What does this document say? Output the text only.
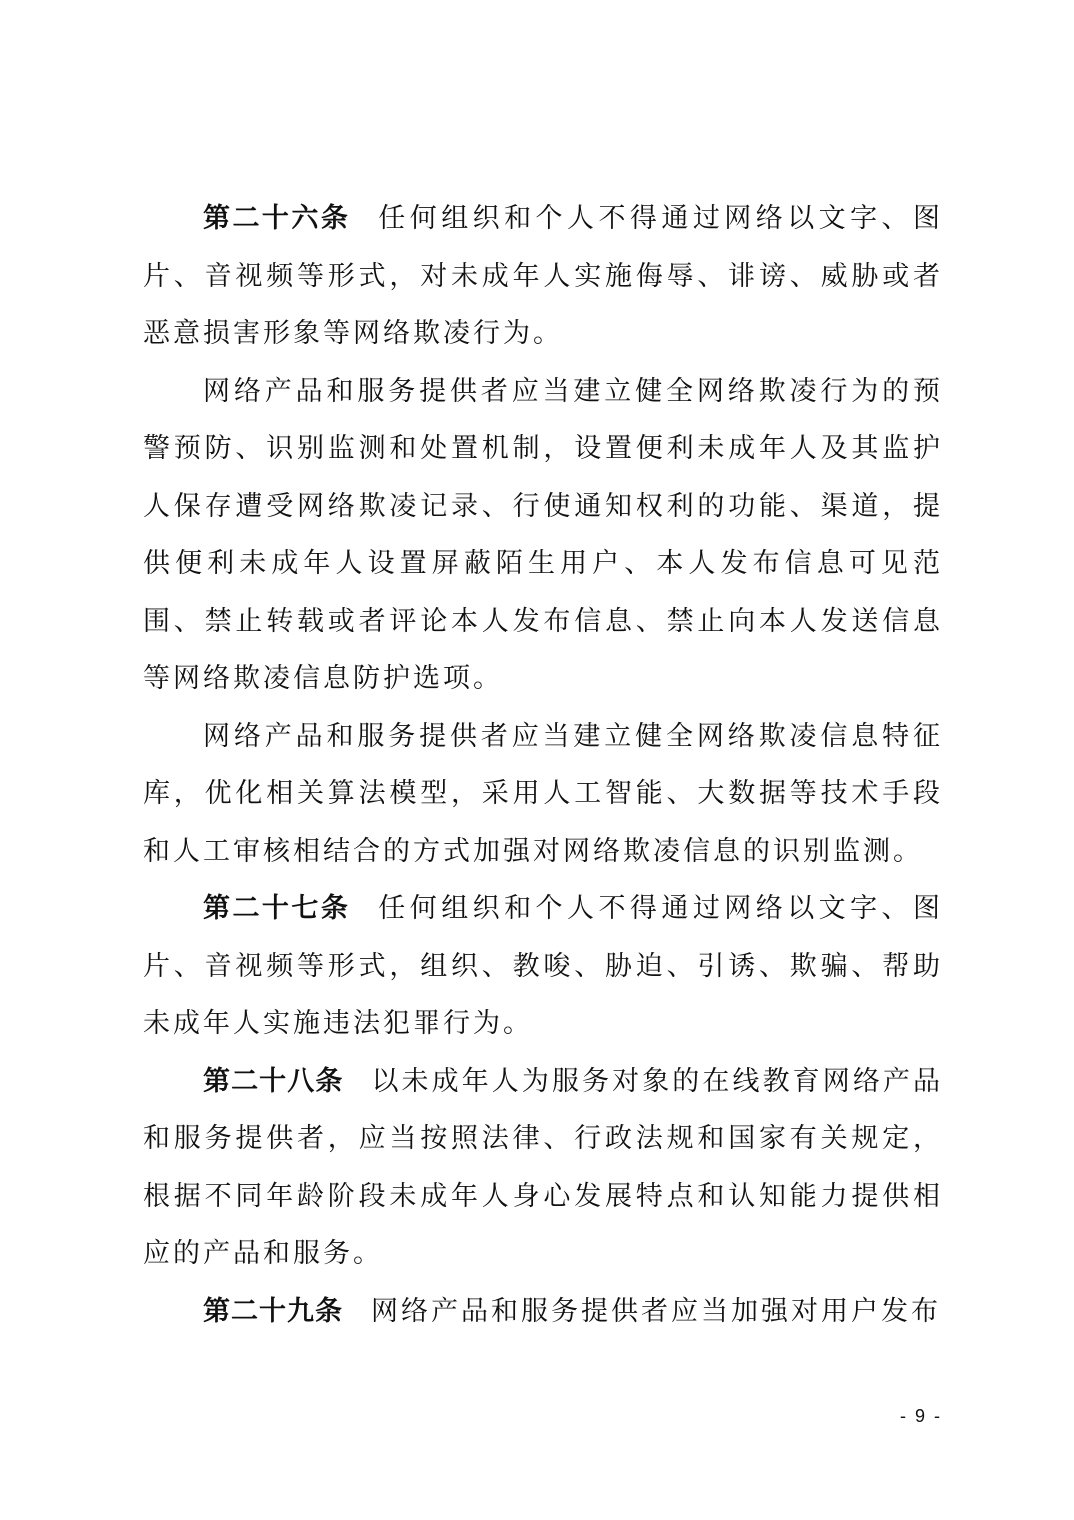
第二十六条 任何组织和个人不得通过网络以文字、图片、音视频等形式，对未成年人实施侮辱、诽谤、威胁或者恶意损害形象等网络欺凌行为。

网络产品和服务提供者应当建立健全网络欺凌行为的预警预防、识别监测和处置机制，设置便利未成年人及其监护人保存遭受网络欺凌记录、行使通知权利的功能、渠道，提供便利未成年人设置屏蔽陌生用户、本人发布信息可见范围、禁止转载或者评论本人发布信息、禁止向本人发送信息等网络欺凌信息防护选项。

网络产品和服务提供者应当建立健全网络欺凌信息特征库，优化相关算法模型，采用人工智能、大数据等技术手段和人工审核相结合的方式加强对网络欺凌信息的识别监测。

第二十七条 任何组织和个人不得通过网络以文字、图片、音视频等形式，组织、教唆、胁迫、引诱、欺骗、帮助未成年人实施违法犯罪行为。

第二十八条 以未成年人为服务对象的在线教育网络产品和服务提供者，应当按照法律、行政法规和国家有关规定，根据不同年龄阶段未成年人身心发展特点和认知能力提供相应的产品和服务。

第二十九条 网络产品和服务提供者应当加强对用户发布

- 9 -
